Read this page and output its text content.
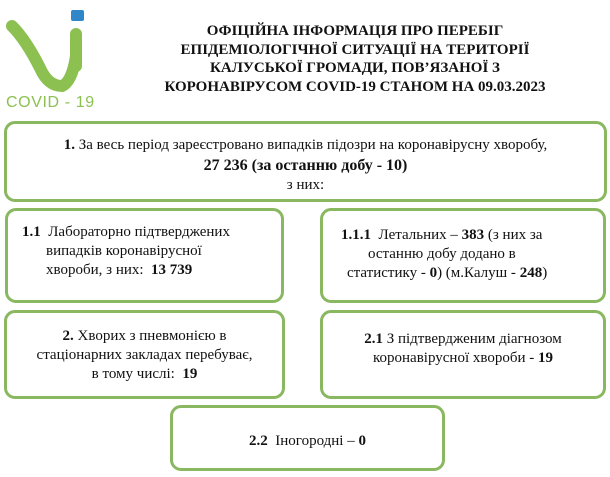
COVID - 19
ОФІЦІЙНА ІНФОРМАЦІЯ ПРО ПЕРЕБІГ
ЕПІДЕМІОЛОГІЧНОЇ СИТУАЦІЇ НА ТЕРИТОРІЇ
КАЛУСЬКОЇ ГРОМАДИ, ПОВ’ЯЗАНОЇ З
КОРОНАВІРУСОМ COVID-19 СТАНОМ НА 09.03.2023
1. За весь період зареєстровано випадків підозри на коронавірусну хворобу,
27 236 (за останню добу - 10)
з них:
1.1 Лабораторно підтверджених
випадків коронавірусної
хвороби, з них:  13 739
1.1.1 Летальних – 383 (з них за
останню добу додано в
статистику - 0) (м.Калуш - 248)
2. Хворих з пневмонією в
стаціонарних закладах перебуває,
в тому числі:  19
2.1 З підтвердженим діагнозом
коронавірусної хвороби - 19
2.2 Іногородні – 0
